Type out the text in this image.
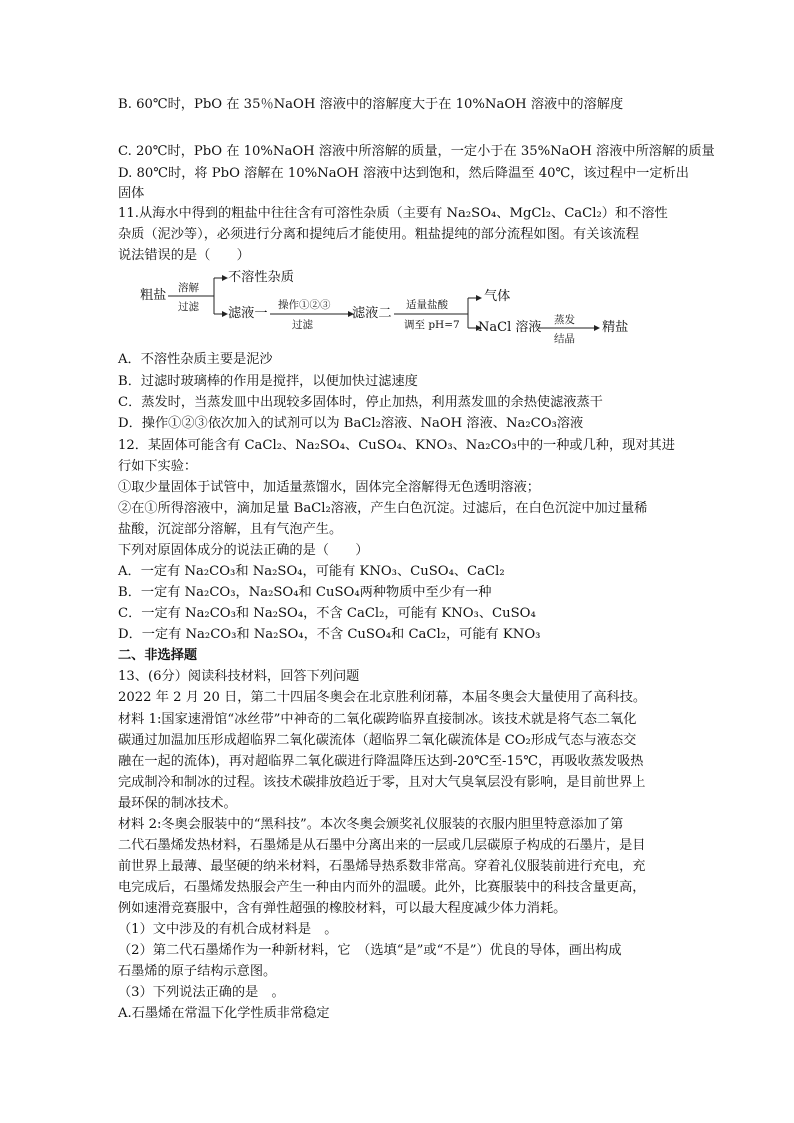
B. 60℃时，PbO 在 35％NaOH 溶液中的溶解度大于在 10%NaOH 溶液中的溶解度
C. 20℃时，PbO 在 10%NaOH 溶液中所溶解的质量，一定小于在 35%NaOH 溶液中所溶解的质量
D. 80℃时，将 PbO 溶解在 10%NaOH 溶液中达到饱和，然后降温至 40℃，该过程中一定析出
固体
11.从海水中得到的粗盐中往往含有可溶性杂质（主要有 Na₂SO₄、MgCl₂、CaCl₂）和不溶性
杂质（泥沙等），必须进行分离和提纯后才能使用。粗盐提纯的部分流程如图。有关该流程
说法错误的是（　　）
粗盐 溶解
过滤
不溶性杂质
滤液一
操作①②③
过滤
滤液二
适量盐酸
调至 pH=7
气体
NaCl 溶液 蒸发
结晶
精盐
A．不溶性杂质主要是泥沙
B．过滤时玻璃棒的作用是搅拌，以便加快过滤速度
C．蒸发时，当蒸发皿中出现较多固体时，停止加热，利用蒸发皿的余热使滤液蒸干
D．操作①②③依次加入的试剂可以为 BaCl₂溶液、NaOH 溶液、Na₂CO₃溶液
12．某固体可能含有 CaCl₂、Na₂SO₄、CuSO₄、KNO₃、Na₂CO₃中的一种或几种，现对其进
行如下实验：
①取少量固体于试管中，加适量蒸馏水，固体完全溶解得无色透明溶液；
②在①所得溶液中，滴加足量 BaCl₂溶液，产生白色沉淀。过滤后，在白色沉淀中加过量稀
盐酸，沉淀部分溶解，且有气泡产生。
下列对原固体成分的说法正确的是（　　）
A．一定有 Na₂CO₃和 Na₂SO₄，可能有 KNO₃、CuSO₄、CaCl₂
B．一定有 Na₂CO₃，Na₂SO₄和 CuSO₄两种物质中至少有一种
C．一定有 Na₂CO₃和 Na₂SO₄，不含 CaCl₂，可能有 KNO₃、CuSO₄
D．一定有 Na₂CO₃和 Na₂SO₄，不含 CuSO₄和 CaCl₂，可能有 KNO₃
二、非选择题
13、(6分）阅读科技材料，回答下列问题
2022 年 2 月 20 日，第二十四届冬奥会在北京胜利闭幕，本届冬奥会大量使用了高科技。
材料 1:国家速滑馆“冰丝带”中神奇的二氧化碳跨临界直接制冰。该技术就是将气态二氧化
碳通过加温加压形成超临界二氧化碳流体（超临界二氧化碳流体是 CO₂形成气态与液态交
融在一起的流体)，再对超临界二氧化碳进行降温降压达到-20℃至-15℃，再吸收蒸发吸热
完成制冷和制冰的过程。该技术碳排放趋近于零，且对大气臭氧层没有影响，是目前世界上
最环保的制冰技术。
材料 2:冬奥会服装中的“黑科技”。本次冬奥会颁奖礼仪服装的衣服内胆里特意添加了第
二代石墨烯发热材料，石墨烯是从石墨中分离出来的一层或几层碳原子构成的石墨片，是目
前世界上最薄、最坚硬的纳米材料，石墨烯导热系数非常高。穿着礼仪服装前进行充电，充
电完成后，石墨烯发热服会产生一种由内而外的温暖。此外，比赛服装中的科技含量更高，
例如速滑竞赛服中，含有弹性超强的橡胶材料，可以最大程度减少体力消耗。
（1）文中涉及的有机合成材料是　。
（2）第二代石墨烯作为一种新材料，它　（选填“是”或“不是”）优良的导体，画出构成
石墨烯的原子结构示意图。
（3）下列说法正确的是　。
A.石墨烯在常温下化学性质非常稳定
